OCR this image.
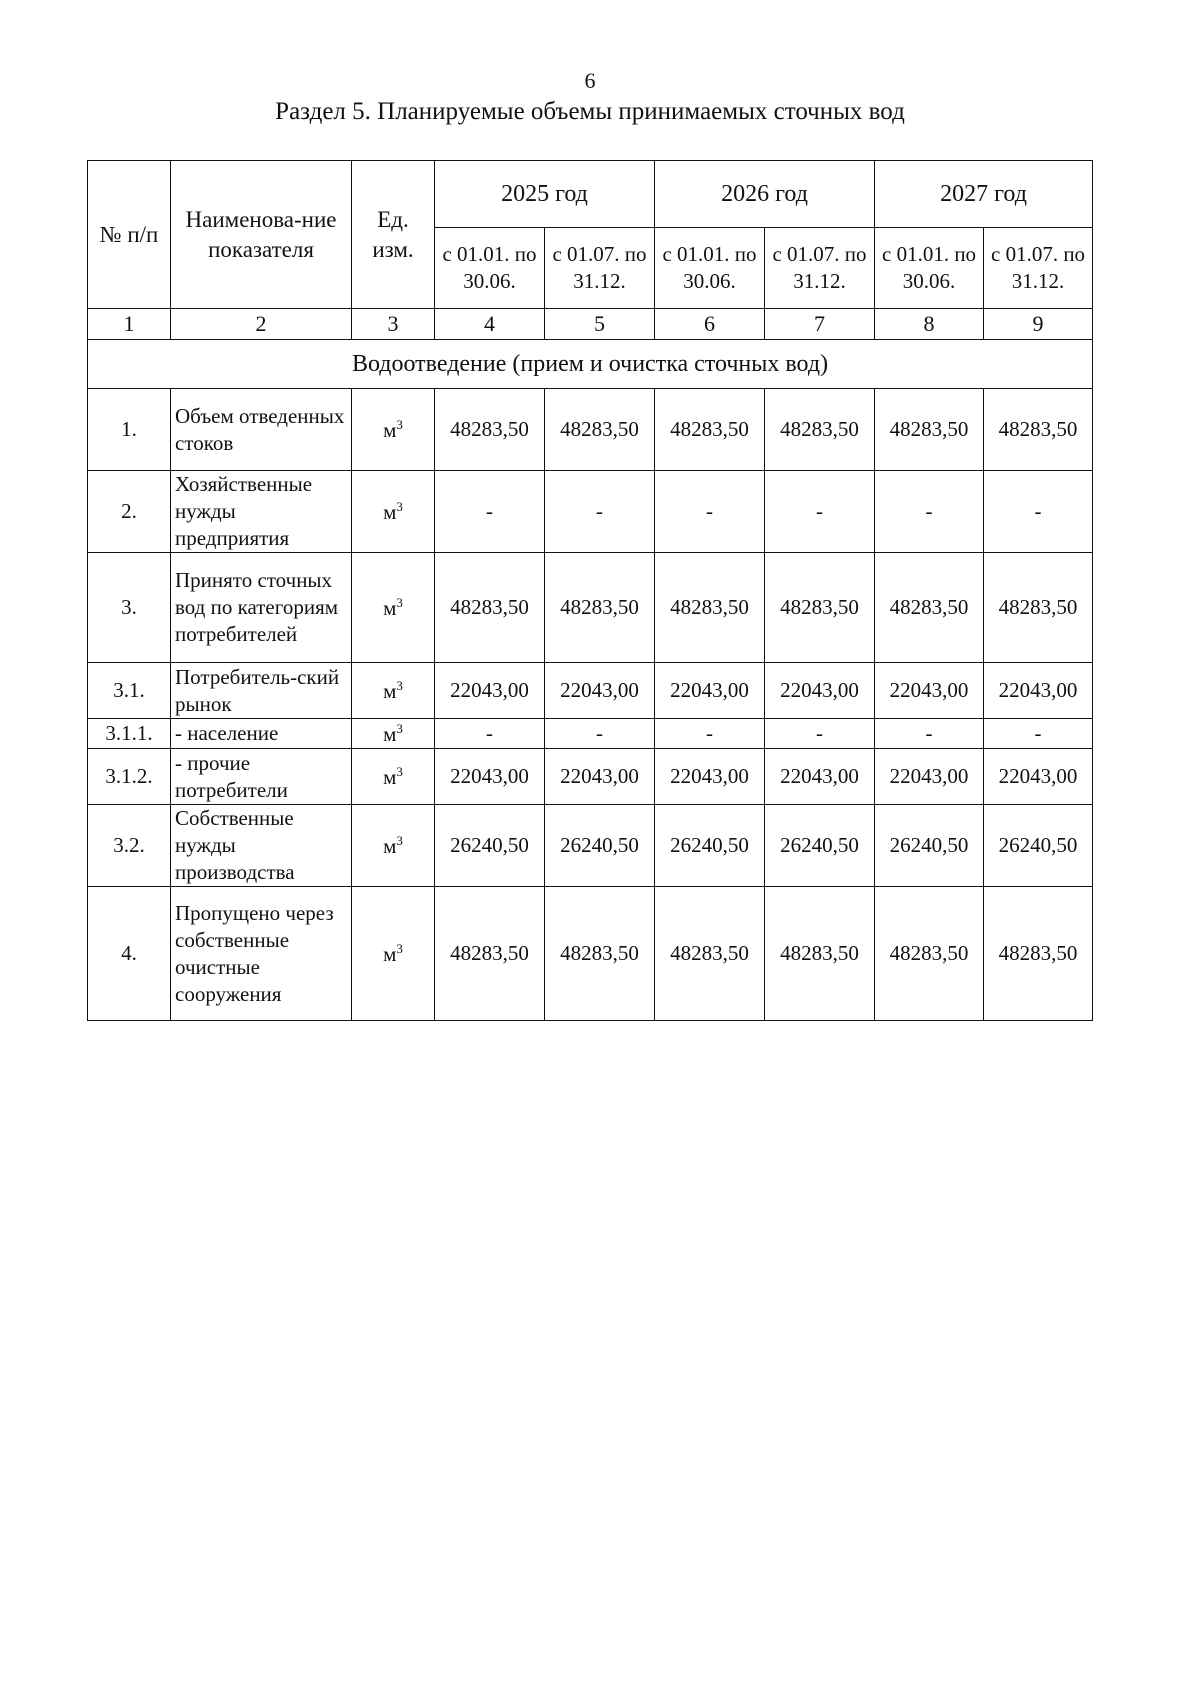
6
Раздел 5. Планируемые объемы принимаемых сточных вод
№ п/п	Наименова-ние показателя	Ед. изм.	2025 год		2026 год		2027 год	
			с 01.01. по 30.06.	с 01.07. по 31.12.	с 01.01. по 30.06.	с 01.07. по 31.12.	с 01.01. по 30.06.	с 01.07. по 31.12.
1	2	3	4	5	6	7	8	9
Водоотведение (прием и очистка сточных вод)								
1.	Объем отведенных стоков	$м^3$	48283,50	48283,50	48283,50	48283,50	48283,50	48283,50
2.	Хозяйственные нужды предприятия	$м^3$	-	-	-	-	-	-
3.	Принято сточных вод по категориям потребителей	$м^3$	48283,50	48283,50	48283,50	48283,50	48283,50	48283,50
3.1.	Потребитель-ский рынок	$м^3$	22043,00	22043,00	22043,00	22043,00	22043,00	22043,00
3.1.1.	- население	$м^3$	-	-	-	-	-	-
3.1.2.	- прочие потребители	$м^3$	22043,00	22043,00	22043,00	22043,00	22043,00	22043,00
3.2.	Собственные нужды производства	$м^3$	26240,50	26240,50	26240,50	26240,50	26240,50	26240,50
4.	Пропущено через собственные очистные сооружения	$м^3$	48283,50	48283,50	48283,50	48283,50	48283,50	48283,50
